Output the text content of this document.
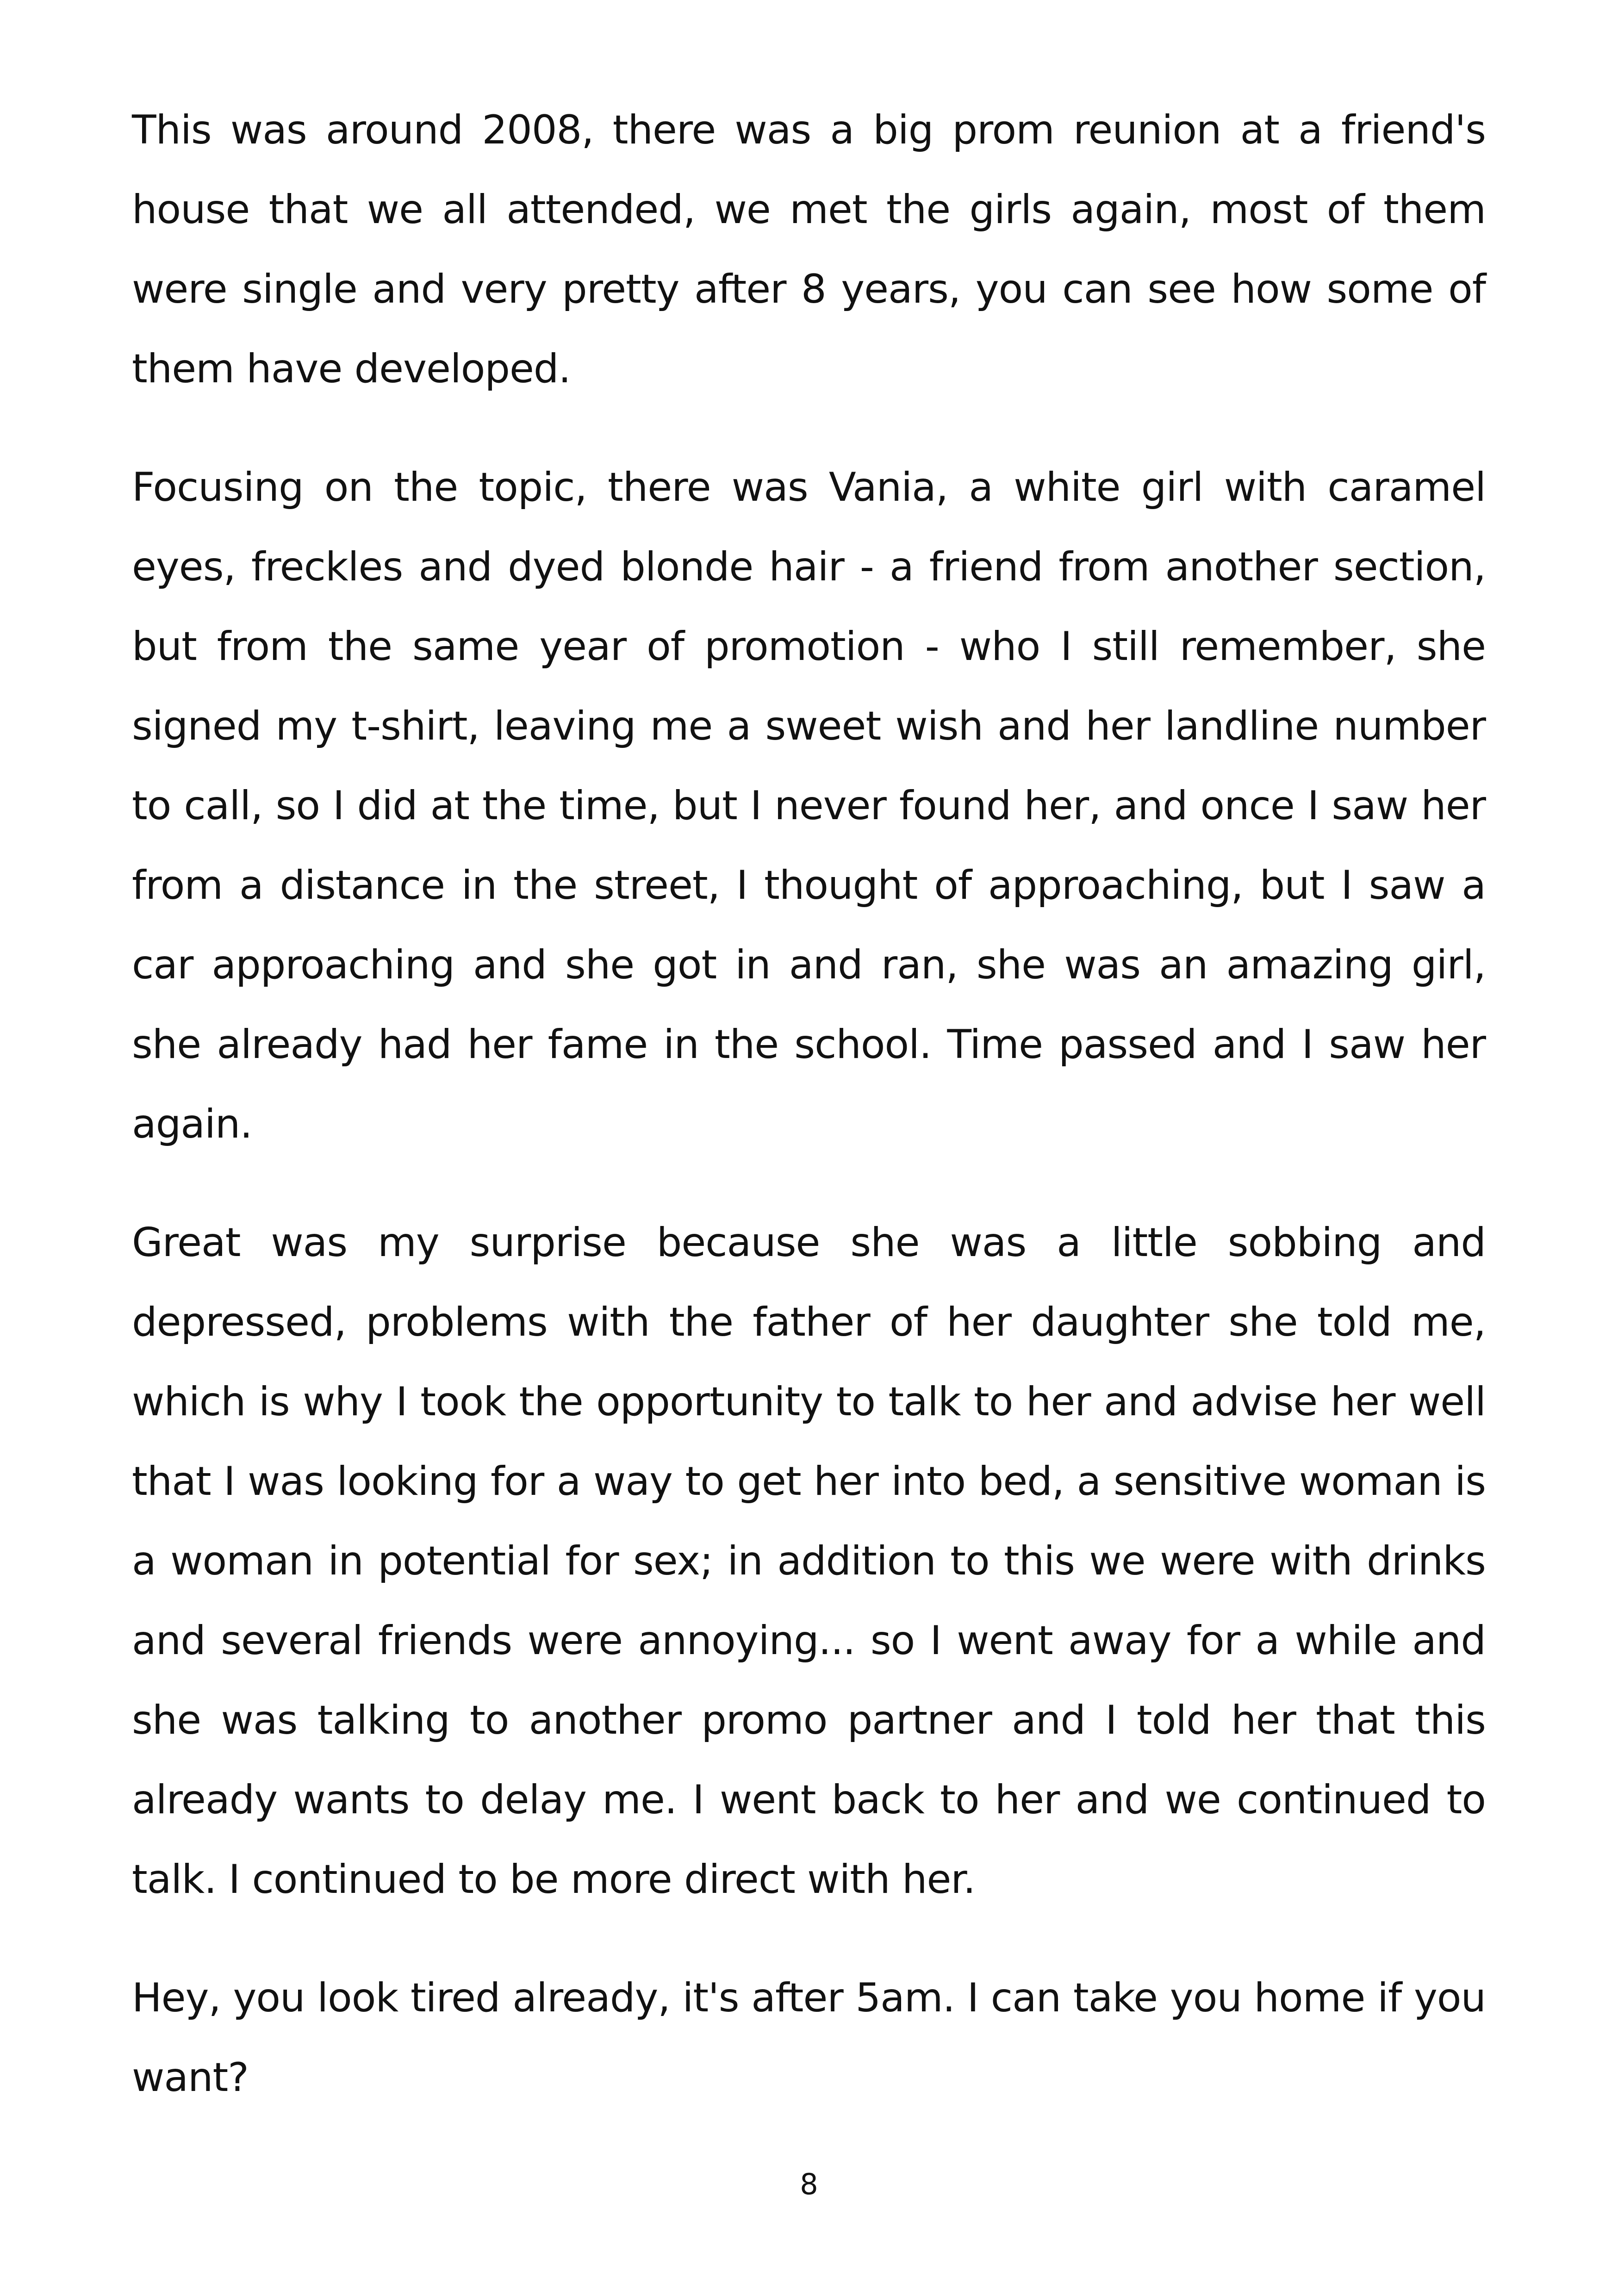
This was around 2008, there was a big prom reunion at a friend's house that we all attended, we met the girls again, most of them were single and very pretty after 8 years, you can see how some of them have developed.

Focusing on the topic, there was Vania, a white girl with caramel eyes, freckles and dyed blonde hair - a friend from another section, but from the same year of promotion - who I still remember, she signed my t-shirt, leaving me a sweet wish and her landline number to call, so I did at the time, but I never found her, and once I saw her from a distance in the street, I thought of approaching, but I saw a car approaching and she got in and ran, she was an amazing girl, she already had her fame in the school. Time passed and I saw her again.

Great was my surprise because she was a little sobbing and depressed, problems with the father of her daughter she told me, which is why I took the opportunity to talk to her and advise her well that I was looking for a way to get her into bed, a sensitive woman is a woman in potential for sex; in addition to this we were with drinks and several friends were annoying... so I went away for a while and she was talking to another promo partner and I told her that this already wants to delay me. I went back to her and we continued to talk. I continued to be more direct with her.

Hey, you look tired already, it's after 5am. I can take you home if you want?

8
